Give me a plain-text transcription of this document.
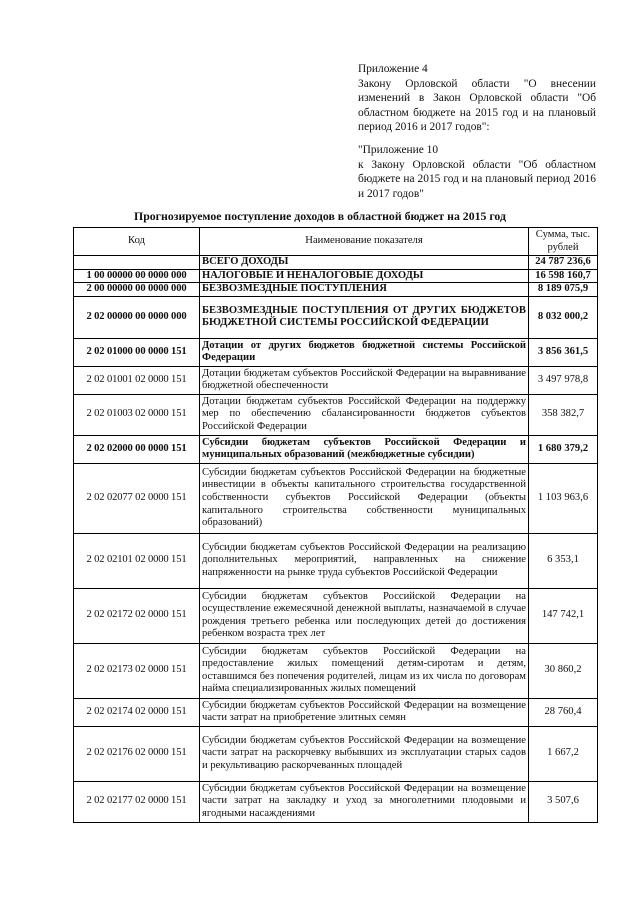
Приложение 4

Закону Орловской области "О внесении изменений в Закон Орловской области "Об областном бюджете на 2015 год и на плановый период 2016 и 2017 годов":

"Приложение 10

к Закону Орловской области "Об областном бюджете на 2015 год и на плановый период 2016 и 2017 годов"

Прогнозируемое поступление доходов в областной бюджет на 2015 год
Код	Наименование показателя	Сумма, тыс. рублей
	ВСЕГО ДОХОДЫ	24 787 236,6
1 00 00000 00 0000 000	НАЛОГОВЫЕ И НЕНАЛОГОВЫЕ ДОХОДЫ	16 598 160,7
2 00 00000 00 0000 000	БЕЗВОЗМЕЗДНЫЕ ПОСТУПЛЕНИЯ	8 189 075,9
2 02 00000 00 0000 000	БЕЗВОЗМЕЗДНЫЕ ПОСТУПЛЕНИЯ ОТ ДРУГИХ БЮДЖЕТОВ БЮДЖЕТНОЙ СИСТЕМЫ РОССИЙСКОЙ ФЕДЕРАЦИИ	8 032 000,2
2 02 01000 00 0000 151	Дотации от других бюджетов бюджетной системы Российской Федерации	3 856 361,5
2 02 01001 02 0000 151	Дотации бюджетам субъектов Российской Федерации на выравнивание бюджетной обеспеченности	3 497 978,8
2 02 01003 02 0000 151	Дотации бюджетам субъектов Российской Федерации на поддержку мер по обеспечению сбалансированности бюджетов субъектов Российской Федерации	358 382,7
2 02 02000 00 0000 151	Субсидии бюджетам субъектов Российской Федерации и муниципальных образований (межбюджетные субсидии)	1 680 379,2
2 02 02077 02 0000 151	Субсидии бюджетам субъектов Российской Федерации на бюджетные инвестиции в объекты капитального строительства государственной собственности субъектов Российской Федерации (объекты капитального строительства собственности муниципальных образований)	1 103 963,6
2 02 02101 02 0000 151	Субсидии бюджетам субъектов Российской Федерации на реализацию дополнительных мероприятий, направленных на снижение напряженности на рынке труда субъектов Российской Федерации	6 353,1
2 02 02172 02 0000 151	Субсидии бюджетам субъектов Российской Федерации на осуществление ежемесячной денежной выплаты, назначаемой в случае рождения третьего ребенка или последующих детей до достижения ребенком возраста трех лет	147 742,1
2 02 02173 02 0000 151	Субсидии бюджетам субъектов Российской Федерации на предоставление жилых помещений детям-сиротам и детям, оставшимся без попечения родителей, лицам из их числа по договорам найма специализированных жилых помещений	30 860,2
2 02 02174 02 0000 151	Субсидии бюджетам субъектов Российской Федерации на возмещение части затрат на приобретение элитных семян	28 760,4
2 02 02176 02 0000 151	Субсидии бюджетам субъектов Российской Федерации на возмещение части затрат на раскорчевку выбывших из эксплуатации старых садов и рекультивацию раскорчеванных площадей	1 667,2
2 02 02177 02 0000 151	Субсидии бюджетам субъектов Российской Федерации на возмещение части затрат на закладку и уход за многолетними плодовыми и ягодными насаждениями	3 507,6
